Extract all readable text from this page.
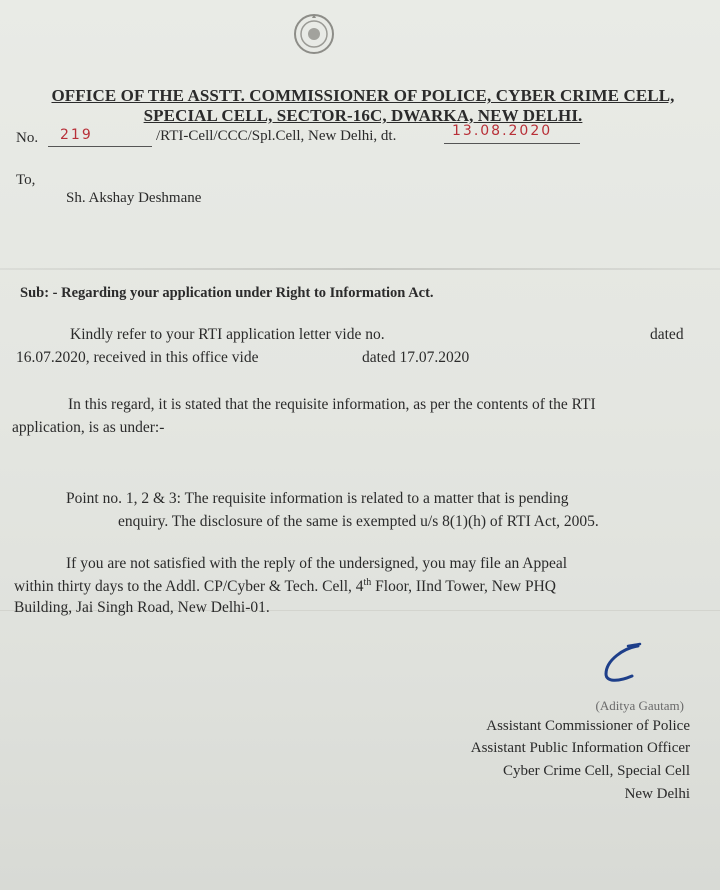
OFFICE OF THE ASSTT. COMMISSIONER OF POLICE, CYBER CRIME CELL,
SPECIAL CELL, SECTOR-16C, DWARKA, NEW DELHI.
No. 219	/RTI-Cell/CCC/Spl.Cell, New Delhi, dt.	13.08.2020
To,
Sh. Akshay Deshmane
Sub: - Regarding your application under Right to Information Act.
Kindly refer to your RTI application letter vide no.	dated
16.07.2020, received in this office vide	dated 17.07.2020
In this regard, it is stated that the requisite information, as per the contents of the RTI
application, is as under:-
Point no. 1, 2 & 3: The requisite information is related to a matter that is pending
enquiry. The disclosure of the same is exempted u/s 8(1)(h) of RTI Act, 2005.
If you are not satisfied with the reply of the undersigned, you may file an Appeal
within thirty days to the Addl. CP/Cyber & Tech. Cell, 4th Floor, IInd Tower, New PHQ
Building, Jai Singh Road, New Delhi-01.
(Aditya Gautam)
Assistant Commissioner of Police
Assistant Public Information Officer
Cyber Crime Cell, Special Cell
New Delhi
